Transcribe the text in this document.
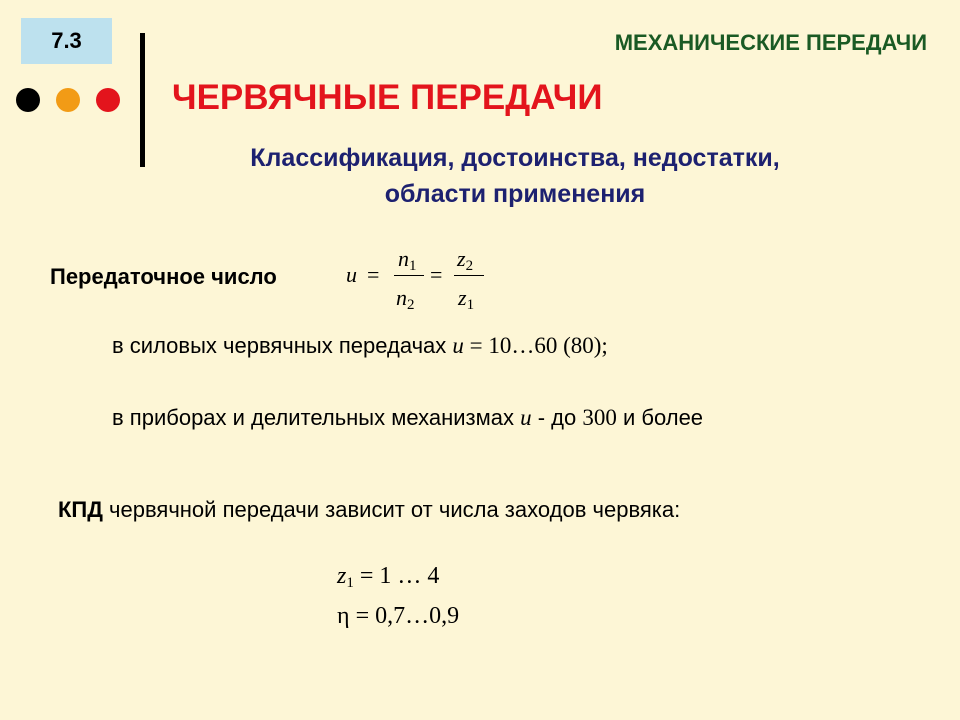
7.3	МЕХАНИЧЕСКИЕ ПЕРЕДАЧИ
ЧЕРВЯЧНЫЕ ПЕРЕДАЧИ
Классификация, достоинства, недостатки,
области применения
Передаточное число	u =
$n_1$
$n_2$
=
$z_2$
$z_1$
в силовых червячных передачах u = 10…60 (80);
в приборах и делительных механизмах u - до 300 и более
КПД червячной передачи зависит от числа заходов червяка:
$z_1 = 1$ … 4
η = 0,7…0,9
